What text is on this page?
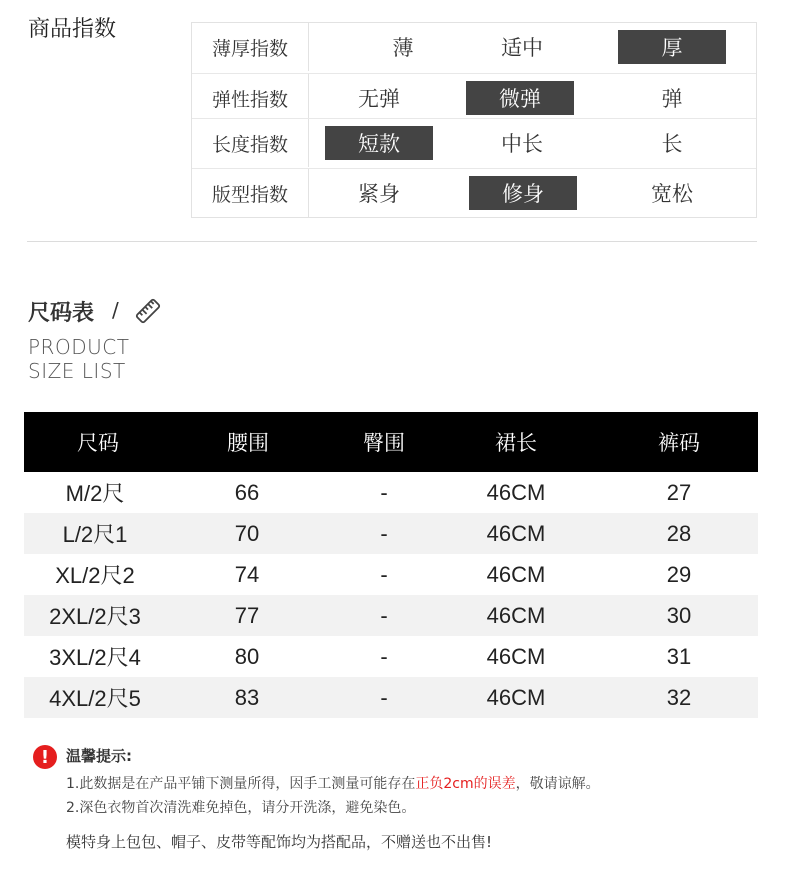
商品指数
薄厚指数	薄	适中	厚
弹性指数	无弹	微弹	弹
长度指数	短款	中长	长
版型指数	紧身	修身	宽松
尺码表 /
PRODUCT
SIZE LIST
尺码	腰围	臀围	裙长	裤码
M/2尺	66	-	46CM	27
L/2尺1	70	-	46CM	28
XL/2尺2	74	-	46CM	29
2XL/2尺3	77	-	46CM	30
3XL/2尺4	80	-	46CM	31
4XL/2尺5	83	-	46CM	32
!	温馨提示:
1.此数据是在产品平铺下测量所得，因手工测量可能存在正负2cm的误差，敬请谅解。
2.深色衣物首次清洗难免掉色，请分开洗涤，避免染色。
模特身上包包、帽子、皮带等配饰均为搭配品，不赠送也不出售!
